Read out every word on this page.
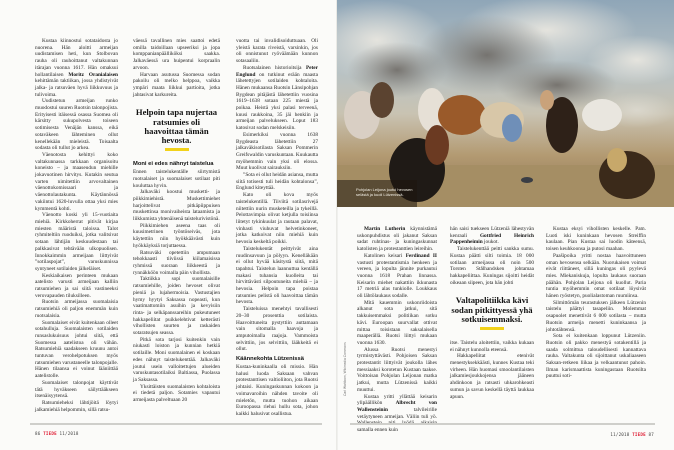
Kustaa kiinnostui sotataidosta jo nuorena. Hän aloitti armeijan uudistamisen heti, kun Stolbovan rauha oli rauhoittanut valtakunnan itärajan vuonna 1617. Hän omaksui hollantilaisen Moritz Oranialaisen kehittämän taktiikan, jossa yhdistyivät jalka- ja ratsuväen hyvä liikkuvuus ja tulivoima.

Uudistetun armeijan runko muodostui suuren Ruotsin talonpojista. Erityisesti itäisessä osassa Suomea oli kärsitty sukupolvesta toiseen sotimisesta Venäjän kanssa, eikä sotaväkeen lähteminen ollut kenellekään mieleistä. Toisaalta sodasta oli tullut jo arkea.

Väenotosta kehittyi koko valtakunnassa tarkkaan organisoitu koneisto – ja maaseudun miehille jokavuotinen hirvitys. Kutakin seutua varten nimitettiin arvovaltainen väenottokomissaari ja väenottolautakunta. Käytännössä vakiintui 1620-luvulla ottaa yksi mies kymmentä kohti.

Väenotto koski yli 15-vuotiaita miehiä. Kirkkoherrat pitivät kirjaa miesten määristä taloissa. Talot ryhmiteltiin ruoduiksi, jotka valitsivat sotaan lähtijän keskuudestaan tai palkkasivat tehtävään ulkopuolisen. Innokkaimmin armeijaan liittyivät ”sotilaspojat”, varuskunnissa syntyneet sotilaiden jälkeläiset.

Keskiaikaisen perinteen mukaan aatelisto varusti armeijaan kalliin ratsumiehen ja sai siitä vastineeksi verovapauden tiluksilleen.

Ruotsin armeijassa suomalaisia ratsumiehiä oli paljon enemmän kuin ruotsalaisia.

Suomalaiset eivät kuitenkaan olleet sotahulluja. Suomalaisten sotilaiden runsaslukuisuus johtui siitä, että Suomessa aatelistoa oli vähän. Ratsumiehiä saadakseen kruunu antoi tuntuvan verohelpotuksen myös ratsumiehen varustaneelle talonpojalle. Hänen tilaansa ei voinut lääniittää aatelistolle.

Suomalaiset talonpojat käyttivät tätä hyväkseen säilyttääkseen itsenäisyytensä.

Ratsumieheksi lähtijöitä löytyi jalkamiehiä helpommin, sillä ratsu-

väessä tavallinen mies saattoi edetä omilla taidoillaan upseeriksi ja jopa komppanianpäälliköksi saakka. Jalkaväessä ura huipentui korpraalin arvoon.

Harvaan asutussa Suomessa sodan pakoilu oli melko helppoa, vaikka ympäri maata liikkui partioita, jotka jahtasivat karkureita.

Helpoin tapa nujertaa ratsumies oli haavoittaa tämän hevosta.
Moni ei edes nähnyt taistelua

Ennen taistelukentälle siirtymistä ruotsalaiset ja suomalaiset sotilaat piti kouluttaa hyvin.

Jalkaväki koostui musketti- ja piikkimiehistä. Muskettimiehet harjoittelivat pitkäpiippuisen muskettinsa monivaiheista lataamista ja liikkumista yhtenäisenä taistelurivistönä.

Piikkimiehen aseena taas oli kuusimetrinen työntöseiväs, jota käytettiin niin hyökkäävästi kuin hyökkäyksiä torjuttaessa.

Ratsuväki opetettiin ampumaan tehokkaasti tiiviissä kiilamaisissa ryhmissä suoraan liikkeestä ja rynnäkköön voimalla päin vihollista.

Taktiikka sopi suomalaisille ratsumiehille, joiden hevoset olivat pieniä ja lujahermoisia. Vastustajien hymy hyytyi Saksassa nopeasti, kun vaatimattomiin asuihin ja kevyisiin rinta- ja selkäpanssareihin pukeutuneet hakkapeliitat puikkelehtivat ketterästi vihollisten suurten ja raskaiden sotaratsujen seassa.

Pitkä sota tarjosi kuitenkin vain niukasti loiston ja kunnian hetkiä sotilaille. Moni suomalainen ei koskaan edes nähnyt taistelukenttää. Jalkaväki joutui usein valloitettujen alueiden varuskuntasotilaiksi Baltiassa, Puolassa ja Saksassa.

Yksittäisten suomalaisten kohtaloista ei tiedetä paljon. Sotamies vapautui armeijasta palveltuaan 20

vuotta tai invalidisoiduttuaan. Oli yleistä karata riveistä, varsinkin, jos oli onnistunut ryöväämään kunnon sotasaaliin.

Ruotsalainen historioitsija Peter Englund on tutkinut erään maasta lähetettyjen sotilaiden kohtaloita. Hänen mukaansa Ruotsin Länsipohjan Bygdean pitäjästä lähetettiin vuosina 1619–1638 sotaan 225 miestä ja poikaa. Heistä yksi palasi terveenä, kuusi raukkoina, 35 jäi henkiin ja armeijan palvelukseen. Loput 183 katosivat sodan melskeisiin.

Esimerkiksi vuonna 1638 Bygdeasta lähetettiin 27 jalkaväkisotilasta Saksan Pommerin Greifswaldin varuskuntaan. Kuukautta myöhemmin vain yksi oli elossa. Muut kuolivat sairauksiin.

”Sota ei ollut heidän asiansa, mutta siitä totisesti tuli heidän kohtalonsa”, Englund kiteyttää.

Kato oli kova myös taistelukentillä. Tiiviitä sotilasrivejä niitettiin nurin musketeilla ja tykeillä. Pelottavimpia olivat ketjulla toisiinsa liitetyt tykinkuulat ja rautaan palavat, vinhasti viuhuvat helvetinkoneet, jotka katkoivat niin miehiä kuin hevosia keskeltä poikki.

Taistelukentät peittyivät aina ruudinsavuun ja pölyyn. Kenelläkään ei ollut hyvää käsitystä siitä, mitä tapahtui. Taistelun laannuttua kentällä makasi tuhansia kuolleita tai hirvittävästi silpoutuneita miehiä – ja hevosia. Helpoin tapa poistaa ratsumies pelistä oli haavoittaa tämän hevosta.

Taisteluissa menehtyi tavallisesti 20–30 prosenttia sotilaista. Haavoittuneita pystyttiin auttamaan vain sitomalla haavoja ja amputoimalla raajoja. Vammoista selvittiin, jos selvittiin, lääkkeitä ei ollut.

Käännekohta Lützenissä

Kustaa-kuninkaalla oli missio. Hän halusi luoda Saksaan vahvan protestanttisen valtioliiton, jota Ruotsi johtaisi. Kuningaskunnan kokoon ja voimavaroihin nähden tavoite oli mieletön, mutta tuohon aikaan Euroopassa riehui hullu sota, johon kaikki halusivat osallistua.

86 TIEDE 11/2018
Pohjolan Leijona joutui hevosen selästä ja kuoli Lützenissä.
Carl Wahlbom, Wikimedia Commons

Martin Lutherin käynnistämä uskonpuhdistus oli jakanut Saksan sadat ruhtinas- ja kuningaskunnat katolisten ja protestanttien leireihin.

Katolinen keisari Ferdinand II vastusti protestantismia henkeen ja vereen, ja lopulta jännite purkautui vuonna 1618 Prahan linnassa. Keisarin miehet nakattiin ikkunasta 17 metriä alas tunkiolle. Loukkaus oli lähtölaukaus sodalle.

Mitä kauemmin uskonriidoista alkanut sota jatkui, sitä takkuisemmaksi politiikan sotku kävi. Euroopan suurvallat ottivat mittaa toisistaan saksalaisella maaperällä. Ruotsi liittyi mukaan vuonna 1630.

Alussa Ruotsi menestyi tyrmistyttävästi. Pohjoisen Saksan protestantit liittyivät joukolla lähes messiaaksi korotetun Kustaan taakse. Voittoisan Pohjolan Leijonan matka jatkui, mutta Lützenissä kaikki muuttui.

Kustaa yritti yllättää keisarin ylipäällikön Albrecht von Wallensteinin	talvileirille vetäytyneen armeijan. Väliin tuli yö. samalla ennen kuin

hän saisi tuekseen Lützeniä lähestyvän kenraali Gottfried Heinrich Pappenheimin joukot.

Taistelukenttää peitti sankka sumu. Kustaa päätti silti toimia. 18 000 sotilaan armeijassa oli noin 500 Torsten Stålhandsken johtamaa hakkapeliittaa. Kuningas sijoitti heidät oikeaan siipeen, jota hän johti

Valtapolitiikka kävi sodan pitkittyessä yhä sotkuisemmaksi.

itse. Taistelu aloitettiin, vaikka kukaan ei nähnyt kunnolla eteensä.

Hakkapeliitat etenivät menestyksekkäästi, kunnes Kustaa teki virheen. Hän huomasi smoolantilaisten jalkamiesjoukkojensa jääneen ahdinkoon ja ratsasti uhkarohkeasti sumun ja savun keskellä täyttä laukkaa apuun.

Kustaa eksyi vihollisten keskelle. Pam. Luoti iski kuninkaan hevosen Streiffin kaulaan. Pian Kustaa sai luodin käteensä, toisen keuhkoonsa ja putosi maahan.

Paašipoika yritti nostaa haavoittuneen oman hevosensa selkään. Nuorukaisen voimat eivät riittäneet, sillä kuningas oli pyylevä mies. Miekaniskuja, lopulta laukaus suoraan päähän. Pohjolan Leijona oli kuollut. Paria tuntia myöhemmin omat sotilaat löysivät hänen ryöstetyn, puolialastoman ruumiinsa.

Silmittömän teurastuksen jälkeen Lützenin taistelu päättyi tasapeliin. Molemmat osapuolet menettivät 6 000 sotilasta – mutta Ruotsin armeija menetti kuninkaansa ja johtotähtensä.

Sota ei kuitenkaan loppunut Lützeniin. Ruotsin oli pakko menestyä sotakentillä ja saada solmittua taloudellisesti kannattava rauha. Valtakunta oli sijoittanut uskaliaaseen Saksan-retkeen liikaa ja velkaantunut pahoin. Ilman karismaattista kuningastaan Ruotsilta puuttui soti-

11/2018 TIEDE 87
